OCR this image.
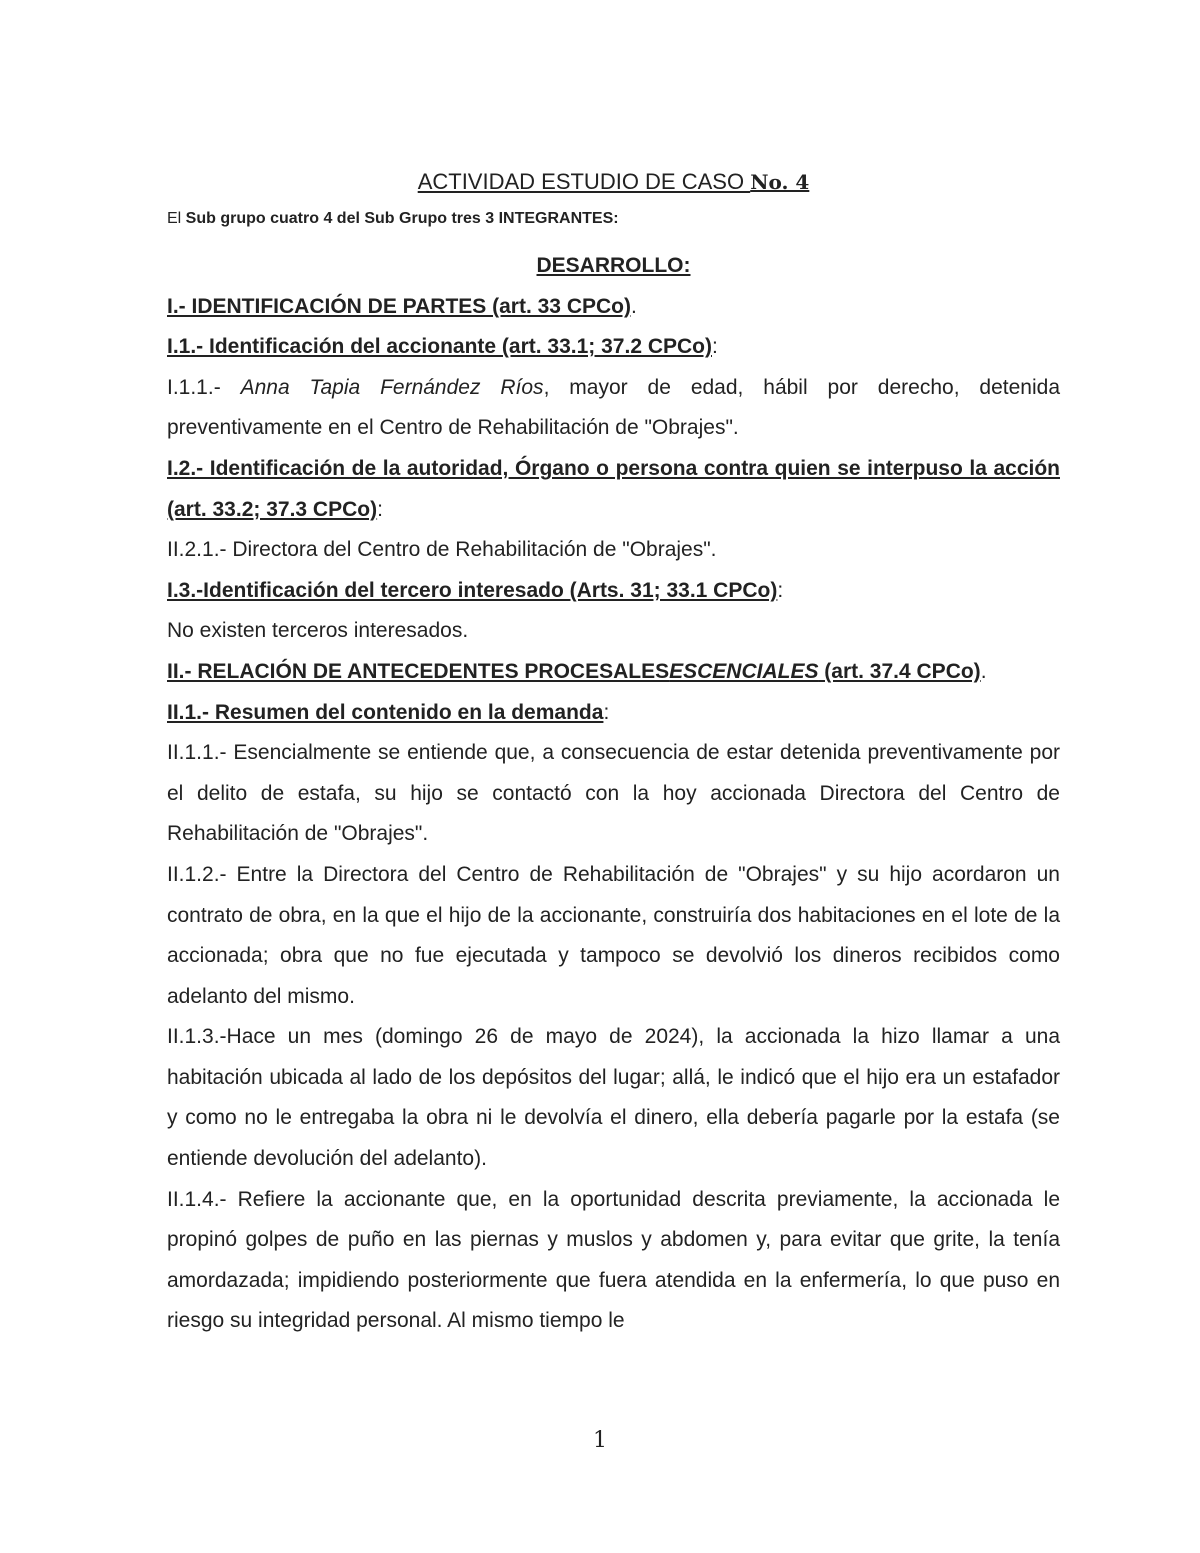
ACTIVIDAD ESTUDIO DE CASO No. 4

El Sub grupo cuatro 4 del Sub Grupo tres 3 INTEGRANTES:

DESARROLLO:

I.- IDENTIFICACIÓN DE PARTES (art. 33 CPCo).

I.1.- Identificación del accionante (art. 33.1; 37.2 CPCo):

I.1.1.- Anna Tapia Fernández Ríos, mayor de edad, hábil por derecho, detenida preventivamente en el Centro de Rehabilitación de "Obrajes".

I.2.- Identificación de la autoridad, Órgano o persona contra quien se interpuso la acción (art. 33.2; 37.3 CPCo):

II.2.1.- Directora del Centro de Rehabilitación de "Obrajes".

I.3.-Identificación del tercero interesado (Arts. 31; 33.1 CPCo):

No existen terceros interesados.

II.- RELACIÓN DE ANTECEDENTES PROCESALESESCENCIALES (art. 37.4 CPCo).

II.1.- Resumen del contenido en la demanda:

II.1.1.- Esencialmente se entiende que, a consecuencia de estar detenida preventivamente por el delito de estafa, su hijo se contactó con la hoy accionada Directora del Centro de Rehabilitación de "Obrajes".

II.1.2.- Entre la Directora del Centro de Rehabilitación de "Obrajes" y su hijo acordaron un contrato de obra, en la que el hijo de la accionante, construiría dos habitaciones en el lote de la accionada; obra que no fue ejecutada y tampoco se devolvió los dineros recibidos como adelanto del mismo.

II.1.3.-Hace un mes (domingo 26 de mayo de 2024), la accionada la hizo llamar a una habitación ubicada al lado de los depósitos del lugar; allá, le indicó que el hijo era un estafador y como no le entregaba la obra ni le devolvía el dinero, ella debería pagarle por la estafa (se entiende devolución del adelanto).

II.1.4.- Refiere la accionante que, en la oportunidad descrita previamente, la accionada le propinó golpes de puño en las piernas y muslos y abdomen y, para evitar que grite, la tenía amordazada; impidiendo posteriormente que fuera atendida en la enfermería, lo que puso en riesgo su integridad personal. Al mismo tiempo le

1
